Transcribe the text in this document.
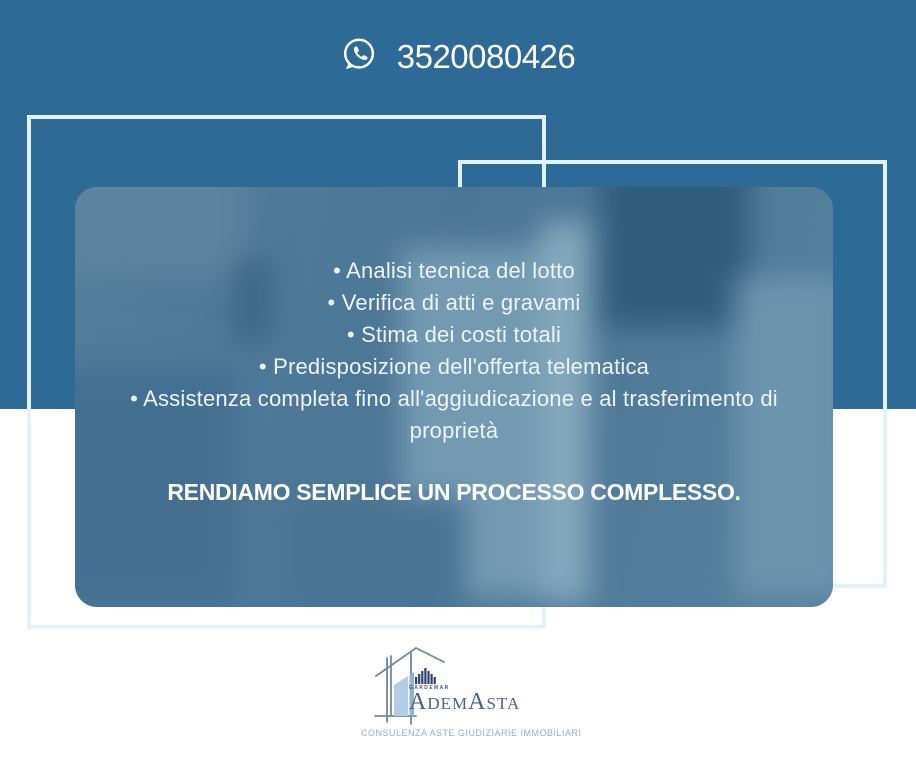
3520080426
• Analisi tecnica del lotto
• Verifica di atti e gravami
• Stima dei costi totali
• Predisposizione dell'offerta telematica
• Assistenza completa fino all'aggiudicazione e al trasferimento di proprietà
RENDIAMO SEMPLICE UN PROCESSO COMPLESSO.
GARDEMAR
A DEM A STA
CONSULENZA ASTE GIUDIZIARIE IMMOBILIARI
